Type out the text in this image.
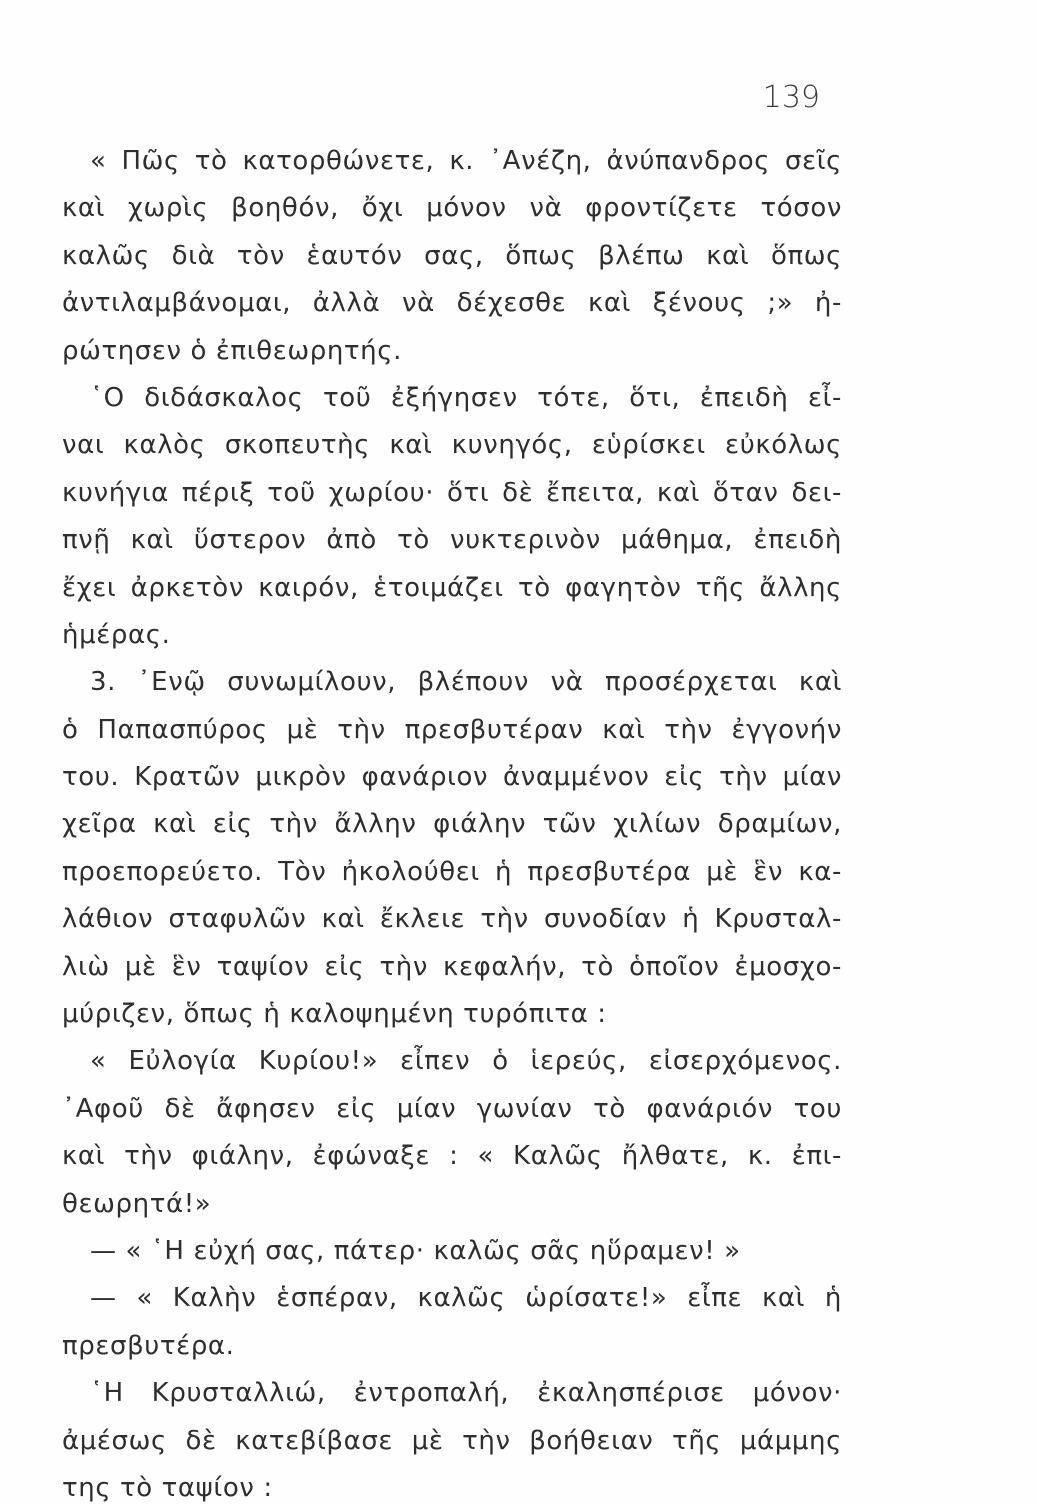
139
« Πῶς τὸ κατορθώνετε, κ. ᾿Ανέζη, ἀνύπανδρος σεῖς
καὶ χωρὶς βοηθόν, ὄχι μόνον νὰ φροντίζετε τόσον
καλῶς διὰ τὸν ἑαυτόν σας, ὅπως βλέπω καὶ ὅπως
ἀντιλαμβάνομαι, ἀλλὰ νὰ δέχεσθε καὶ ξένους ;» ἠ-
ρώτησεν ὁ ἐπιθεωρητής.
῾Ο διδάσκαλος τοῦ ἐξήγησεν τότε, ὅτι, ἐπειδὴ εἶ-
ναι καλὸς σκοπευτὴς καὶ κυνηγός, εὑρίσκει εὐκόλως
κυνήγια πέριξ τοῦ χωρίου· ὅτι δὲ ἔπειτα, καὶ ὅταν δει-
πνῇ καὶ ὕστερον ἀπὸ τὸ νυκτερινὸν μάθημα, ἐπειδὴ
ἔχει ἀρκετὸν καιρόν, ἑτοιμάζει τὸ φαγητὸν τῆς ἄλλης
ἡμέρας.
3. ᾿Ενῷ συνωμίλουν, βλέπουν νὰ προσέρχεται καὶ
ὁ Παπασπύρος μὲ τὴν πρεσβυτέραν καὶ τὴν ἐγγονήν
του. Κρατῶν μικρὸν φανάριον ἀναμμένον εἰς τὴν μίαν
χεῖρα καὶ εἰς τὴν ἄλλην φιάλην τῶν χιλίων δραμίων,
προεπορεύετο. Τὸν ἠκολούθει ἡ πρεσβυτέρα μὲ ἓν κα-
λάθιον σταφυλῶν καὶ ἔκλειε τὴν συνοδίαν ἡ Κρυσταλ-
λιὼ μὲ ἓν ταψίον εἰς τὴν κεφαλήν, τὸ ὁποῖον ἐμοσχο-
μύριζεν, ὅπως ἡ καλοψημένη τυρόπιτα :
« Εὐλογία Κυρίου!» εἶπεν ὁ ἱερεύς, εἰσερχόμενος.
᾿Αφοῦ δὲ ἄφησεν εἰς μίαν γωνίαν τὸ φανάριόν του
καὶ τὴν φιάλην, ἐφώναξε : « Καλῶς ἤλθατε, κ. ἐπι-
θεωρητά!»
— « ῾Η εὐχή σας, πάτερ· καλῶς σᾶς ηὕραμεν! »
— « Καλὴν ἑσπέραν, καλῶς ὡρίσατε!» εἶπε καὶ ἡ
πρεσβυτέρα.
῾Η Κρυσταλλιώ, ἐντροπαλή, ἐκαλησπέρισε μόνον·
ἀμέσως δὲ κατεβίβασε μὲ τὴν βοήθειαν τῆς μάμμης
της τὸ ταψίον :
